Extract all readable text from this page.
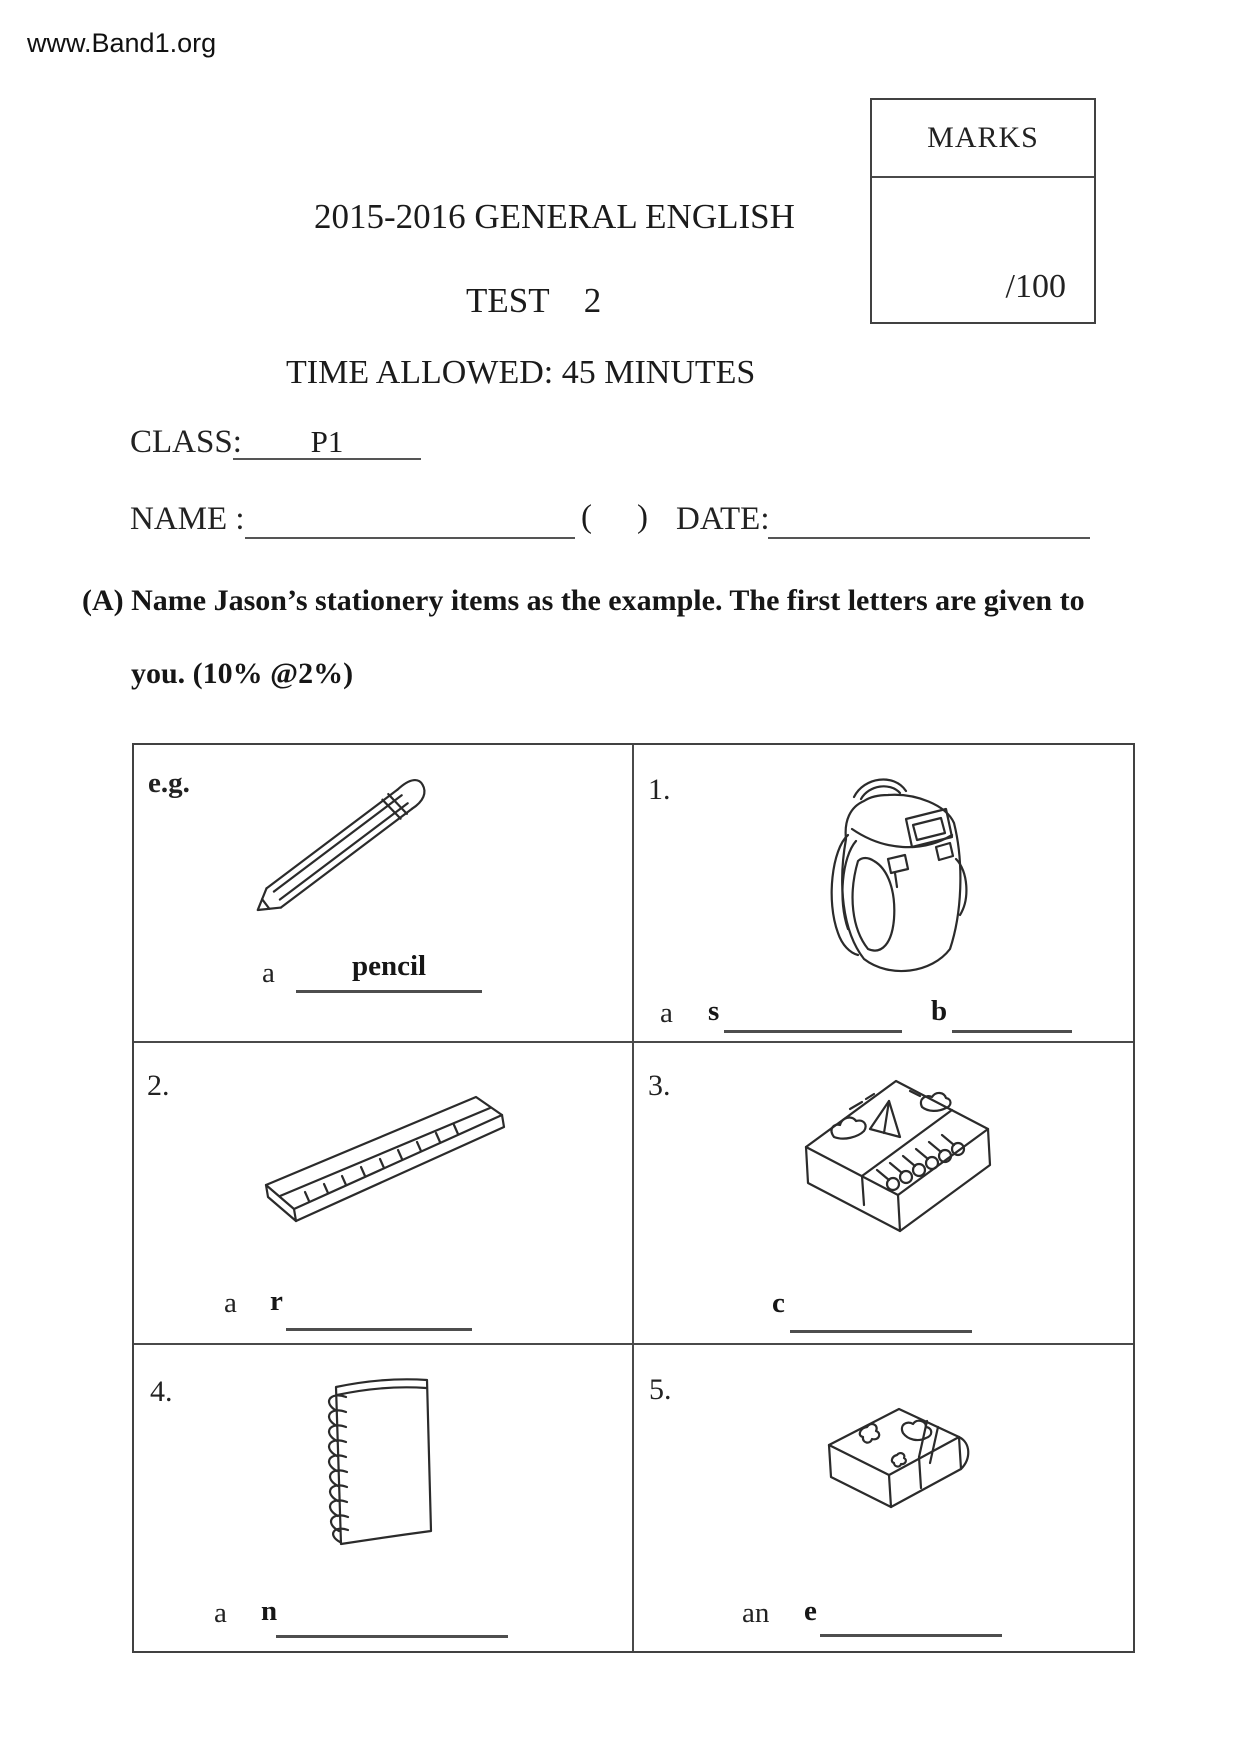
www.Band1.org
MARKS
/100
2015-2016 GENERAL ENGLISH
TEST 2
TIME ALLOWED: 45 MINUTES
CLASS:	P1
NAME :	( ) DATE:
(A) Name Jason’s stationery items as the example. The first letters are given to
you. (10% @2%)
e.g.
a	pencil
1.
a s	b
2.
a r
3.
c
4.
a n
5.
an e
